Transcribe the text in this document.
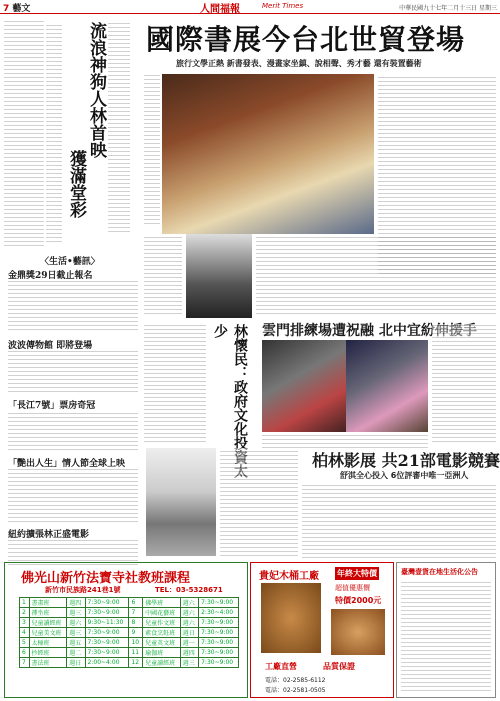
7 藝文	人間福報	Merit Times	中華民國九十七年二月十三日 星期三
流浪神狗人林首映
獲滿堂彩
〈生活•藝訊〉
金鼎獎29日截止報名
波波傳物館 即將登場
「長江7號」票房奇冠
「艷出人生」情人節全球上映
紐約擴張林正盛電影
國際書展今台北世貿登場
旅行文學正熱 新書發表、漫畫家坐鎮、說相聲、秀才藝 還有裝置藝術
林懷民：政府文化投資太少	雲門排練場遭祝融 北中宜紛伸援手
柏林影展 共21部電影競賽
舒淇全心投入 6位評審中唯一亞洲人
臺灣壹貨在地生活化公告
佛光山新竹法寶寺社教班課程
新竹市民族路241巷1號	TEL：03-5328671
1	書畫班	週四	7:30~9:00	6	佛學班	週六	7:30~9:00
2	禪坐班	週三	7:30~9:00	7	中國花藝班	週六	2:30~4:00
3	兒童讀經班	週六	9:30~11:30	8	兒童作文班	週六	7:30~9:00
4	兒童美文班	週三	7:30~9:00	9	素食烹飪班	週日	7:30~9:00
5	太極班	週五	7:30~9:00	10	兒童英文班	週一	7:30~9:00
6	抄經班	週二	7:30~9:00	11	瑜伽班	週四	7:30~9:00
7	書法班	週日	2:00~4:00	12	兒童讀經班	週三	7:30~9:00
貴妃木桶工廠 年終大特價
超值優惠價
特價2000元
工廠直營	品質保證
電話：02-2585-6112
電話：02-2581-0505
